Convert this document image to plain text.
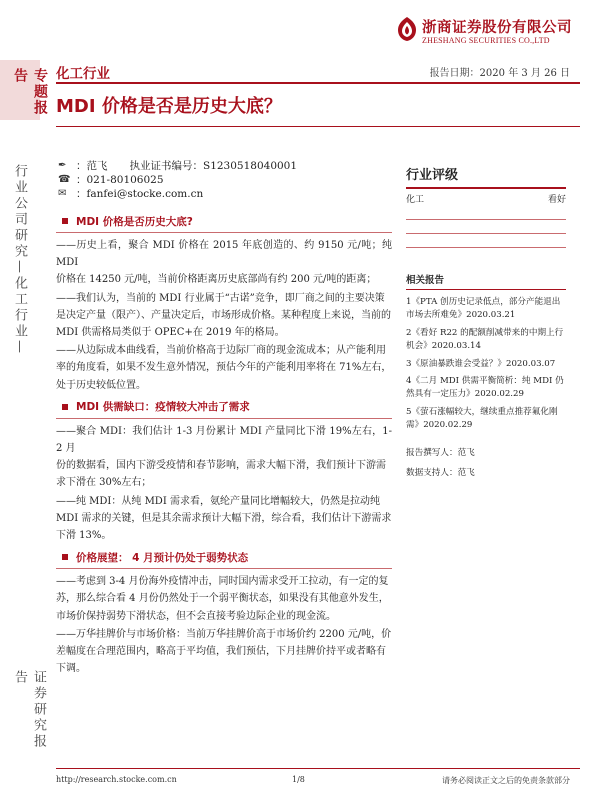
浙商证券股份有限公司
ZHESHANG SECURITIES CO.,LTD
专题报告
行业公司研究—化工行业—
证券研究报告
化工行业	报告日期：2020 年 3 月 26 日
MDI 价格是否是历史大底？
✒ ：范飞 执业证书编号：S1230518040001
☎ ：021-80106025
✉ ：fanfei@stocke.com.cn
MDI 价格是否历史大底?
——历史上看，聚合 MDI 价格在 2015 年底创造的、约 9150 元/吨；纯 MDI
价格在 14250 元/吨，当前价格距离历史底部尚有约 200 元/吨的距离；
——我们认为，当前的 MDI 行业属于“古诺”竞争，即厂商之间的主要决策
是决定产量（限产）、产量决定后，市场形成价格。某种程度上来说，当前的
MDI 供需格局类似于 OPEC+在 2019 年的格局。
——从边际成本曲线看，当前价格高于边际厂商的现金流成本；从产能利用
率的角度看，如果不发生意外情况，预估今年的产能利用率将在 71%左右，
处于历史较低位置。
MDI 供需缺口：疫情较大冲击了需求
——聚合 MDI：我们估计 1-3 月份累计 MDI 产量同比下滑 19%左右，1-2 月
份的数据看，国内下游受疫情和春节影响，需求大幅下滑，我们预计下游需
求下滑在 30%左右；
——纯 MDI：从纯 MDI 需求看，氨纶产量同比增幅较大，仍然是拉动纯
MDI 需求的关键，但是其余需求预计大幅下滑，综合看，我们估计下游需求
下滑 13%。
价格展望： 4 月预计仍处于弱势状态
——考虑到 3-4 月份海外疫情冲击，同时国内需求受开工拉动，有一定的复
苏，那么综合看 4 月份仍然处于一个弱平衡状态，如果没有其他意外发生，
市场价保持弱势下滑状态，但不会直接考验边际企业的现金流。
——万华挂牌价与市场价格：当前万华挂牌价高于市场价约 2200 元/吨，价
差幅度在合理范围内，略高于平均值，我们预估，下月挂牌价持平或者略有
下调。
行业评级
化工	看好
相关报告
1《PTA 创历史记录低点，部分产能退出市场去所难免》2020.03.21
2《看好 R22 的配额削减带来的中期上行机会》2020.03.14
3《原油暴跌谁会受益？》2020.03.07
4《二月 MDI 供需平衡简析：纯 MDI 仍然具有一定压力》2020.02.29
5《萤石涨幅较大，继续重点推荐氟化刚需》2020.02.29
报告撰写人：范飞
数据支持人：范飞
http://research.stocke.com.cn	1/8	请务必阅读正文之后的免责条款部分
